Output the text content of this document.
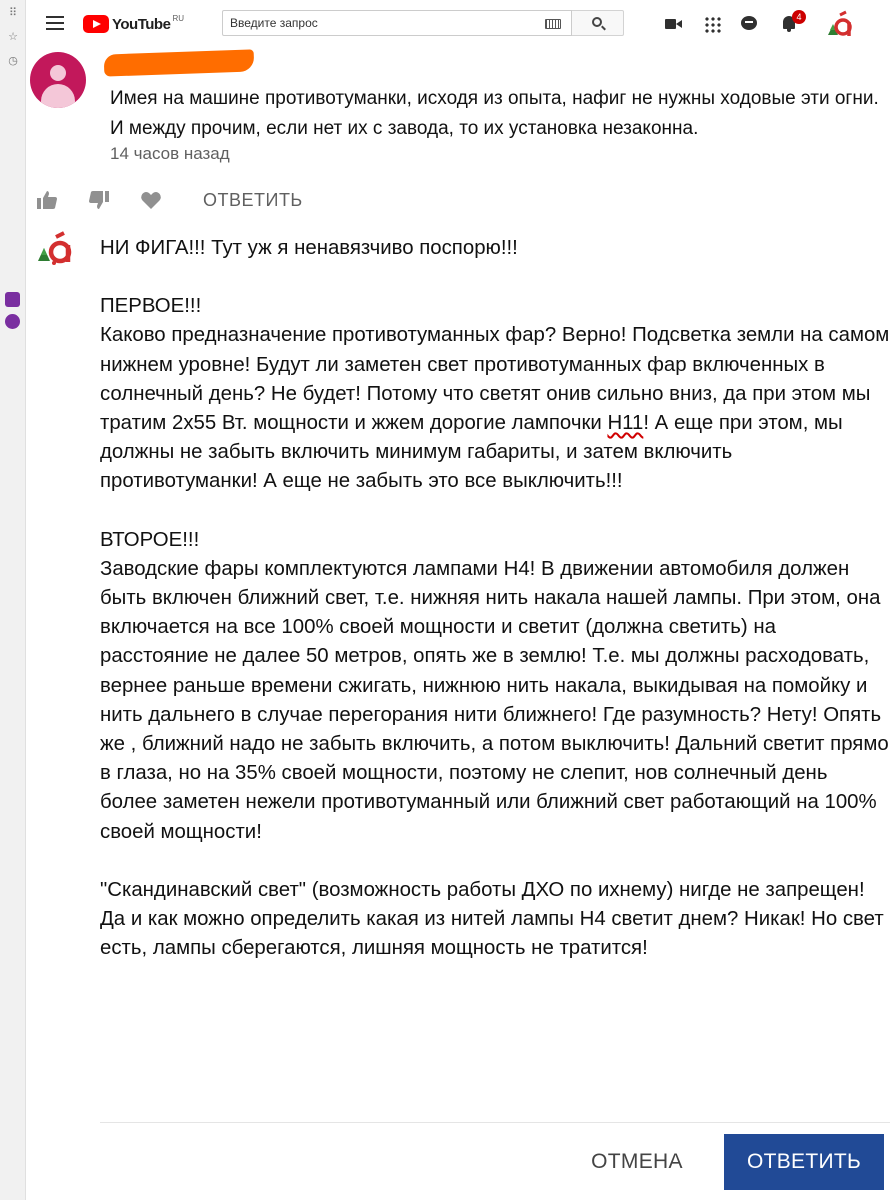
⠿
☆
◷
YouTube RU
Введите запрос	4
Имея на машине противотуманки, исходя из опыта, нафиг не нужны ходовые эти огни. И между прочим, если нет их с завода, то их установка незаконна.
14 часов назад
ОТВЕТИТЬ

НИ ФИГА!!! Тут уж я ненавязчиво поспорю!!!

ПЕРВОЕ!!!

Каково предназначение противотуманных фар? Верно! Подсветка земли на самом нижнем уровне! Будут ли заметен свет противотуманных фар включенных в солнечный день? Не будет! Потому что светят онив сильно вниз, да при этом мы тратим 2х55 Вт. мощности и жжем дорогие лампочки Н11! А еще при этом, мы должны не забыть включить минимум габариты, и затем включить противотуманки! А еще не забыть это все выключить!!!

ВТОРОЕ!!!

Заводские фары комплектуются лампами Н4! В движении автомобиля должен быть включен ближний свет, т.е. нижняя нить накала нашей лампы. При этом, она включается на все 100% своей мощности и светит (должна светить) на расстояние не далее 50 метров, опять же в землю! Т.е. мы должны расходовать, вернее раньше времени сжигать, нижнюю нить накала, выкидывая на помойку и нить дальнего в случае перегорания нити ближнего! Где разумность? Нету! Опять же , ближний надо не забыть включить, а потом выключить! Дальний светит прямо в глаза, но на 35% своей мощности, поэтому не слепит, нов солнечный день более заметен нежели противотуманный или ближний свет работающий на 100% своей мощности!

"Скандинавский свет" (возможность работы ДХО по ихнему) нигде не запрещен! Да и как можно определить какая из нитей лампы Н4 светит днем? Никак! Но свет есть, лампы сберегаются, лишняя мощность не тратится!

ОТМЕНА	ОТВЕТИТЬ
